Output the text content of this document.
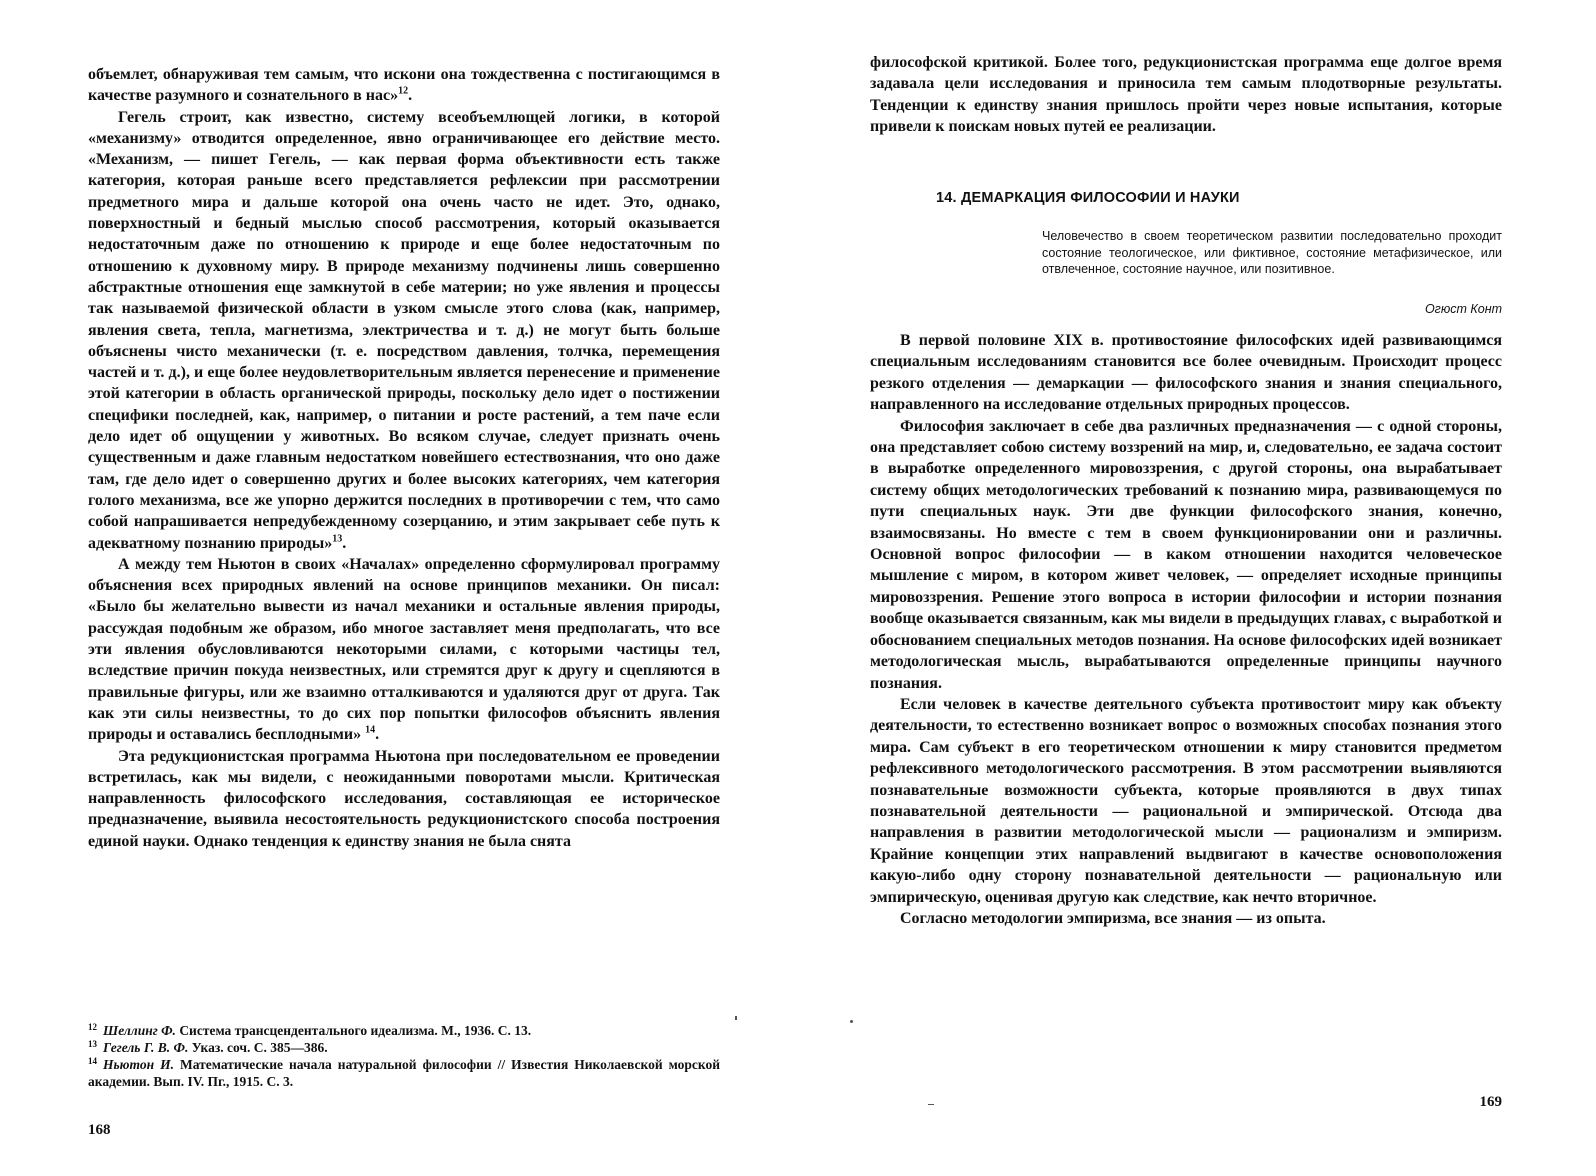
объемлет, обнаруживая тем самым, что искони она тождественна с постигающимся в качестве разумного и сознательного в нас»$^{12}$.

Гегель строит, как известно, систему всеобъемлющей логики, в которой «механизму» отводится определенное, явно ограничивающее его действие место. «Механизм, — пишет Гегель, — как первая форма объективности есть также категория, которая раньше всего представляется рефлексии при рассмотрении предметного мира и дальше которой она очень часто не идет. Это, однако, поверхностный и бедный мыслью способ рассмотрения, который оказывается недостаточным даже по отношению к природе и еще более недостаточным по отношению к духовному миру. В природе механизму подчинены лишь совершенно абстрактные отношения еще замкнутой в себе материи; но уже явления и процессы так называемой физической области в узком смысле этого слова (как, например, явления света, тепла, магнетизма, электричества и т. д.) не могут быть больше объяснены чисто механически (т. е. посредством давления, толчка, перемещения частей и т. д.), и еще более неудовлетворительным является перенесение и применение этой категории в область органической природы, поскольку дело идет о постижении специфики последней, как, например, о питании и росте растений, а тем паче если дело идет об ощущении у животных. Во всяком случае, следует признать очень существенным и даже главным недостатком новейшего естествознания, что оно даже там, где дело идет о совершенно других и более высоких категориях, чем категория голого механизма, все же упорно держится последних в противоречии с тем, что само собой напрашивается непредубежденному созерцанию, и этим закрывает себе путь к адекватному познанию природы»$^{13}$.

А между тем Ньютон в своих «Началах» определенно сформулировал программу объяснения всех природных явлений на основе принципов механики. Он писал: «Было бы желательно вывести из начал механики и остальные явления природы, рассуждая подобным же образом, ибо многое заставляет меня предполагать, что все эти явления обусловливаются некоторыми силами, с которыми частицы тел, вследствие причин покуда неизвестных, или стремятся друг к другу и сцепляются в правильные фигуры, или же взаимно отталкиваются и удаляются друг от друга. Так как эти силы неизвестны, то до сих пор попытки философов объяснить явления природы и оставались бесплодными» $^{14}$.

Эта редукционистская программа Ньютона при последовательном ее проведении встретилась, как мы видели, с неожиданными поворотами мысли. Критическая направленность философского исследования, составляющая ее историческое предназначение, выявила несостоятельность редукционистского способа построения единой науки. Однако тенденция к единству знания не была снята

$^{12}$ Шеллинг Ф. Система трансцендентального идеализма. М., 1936. С. 13.

$^{13}$ Гегель Г. В. Ф. Указ. соч. С. 385—386.

$^{14}$ Ньютон И. Математические начала натуральной философии // Известия Николаевской морской академии. Вып. IV. Пг., 1915. С. 3.

168

философской критикой. Более того, редукционистская программа еще долгое время задавала цели исследования и приносила тем самым плодотворные результаты. Тенденции к единству знания пришлось пройти через новые испытания, которые привели к поискам новых путей ее реализации.

14. ДЕМАРКАЦИЯ ФИЛОСОФИИ И НАУКИ

Человечество в своем теоретическом развитии последовательно проходит состояние теологическое, или фиктивное, состояние метафизическое, или отвлеченное, состояние научное, или позитивное.

Огюст Конт

В первой половине XIX в. противостояние философских идей развивающимся специальным исследованиям становится все более очевидным. Происходит процесс резкого отделения — демаркации — философского знания и знания специального, направленного на исследование отдельных природных процессов.

Философия заключает в себе два различных предназначения — с одной стороны, она представляет собою систему воззрений на мир, и, следовательно, ее задача состоит в выработке определенного мировоззрения, с другой стороны, она вырабатывает систему общих методологических требований к познанию мира, развивающемуся по пути специальных наук. Эти две функции философского знания, конечно, взаимосвязаны. Но вместе с тем в своем функционировании они и различны. Основной вопрос философии — в каком отношении находится человеческое мышление с миром, в котором живет человек, — определяет исходные принципы мировоззрения. Решение этого вопроса в истории философии и истории познания вообще оказывается связанным, как мы видели в предыдущих главах, с выработкой и обоснованием специальных методов познания. На основе философских идей возникает методологическая мысль, вырабатываются определенные принципы научного познания.

Если человек в качестве деятельного субъекта противостоит миру как объекту деятельности, то естественно возникает вопрос о возможных способах познания этого мира. Сам субъект в его теоретическом отношении к миру становится предметом рефлексивного методологического рассмотрения. В этом рассмотрении выявляются познавательные возможности субъекта, которые проявляются в двух типах познавательной деятельности — рациональной и эмпирической. Отсюда два направления в развитии методологической мысли — рационализм и эмпиризм. Крайние концепции этих направлений выдвигают в качестве основоположения какую-либо одну сторону познавательной деятельности — рациональную или эмпирическую, оценивая другую как следствие, как нечто вторичное.

Согласно методологии эмпиризма, все знания — из опыта.

169
